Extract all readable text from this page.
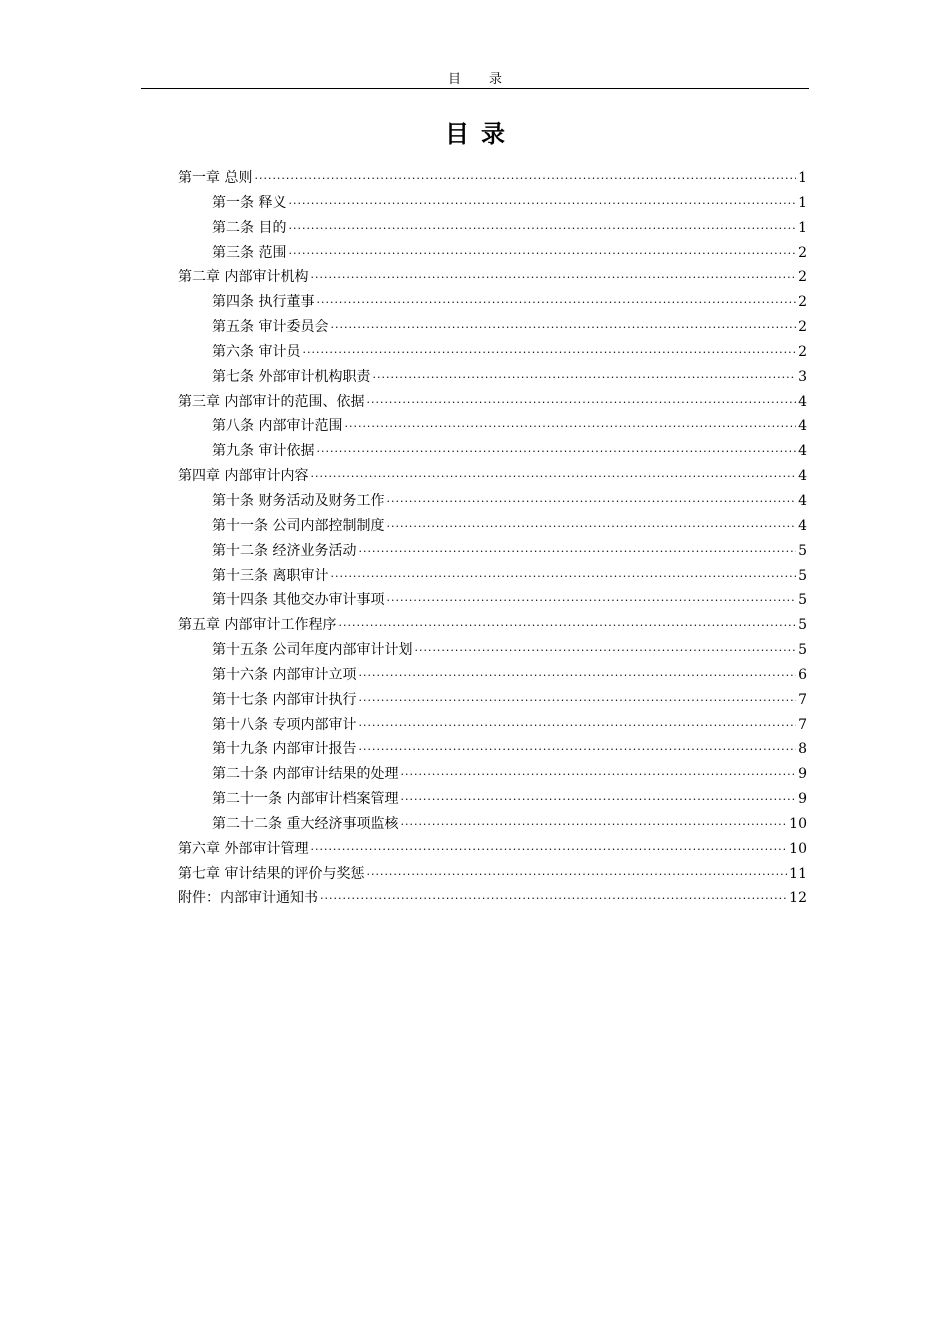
目录
目录
第一章 总则 ·····	1
第一条 释义 ·····	1
第二条 目的 ·····	1
第三条 范围 ·····	2
第二章 内部审计机构 ·····	2
第四条 执行董事 ·····	2
第五条 审计委员会 ·····	2
第六条 审计员 ·····	2
第七条 外部审计机构职责 ·····	3
第三章 内部审计的范围、依据 ·····	4
第八条 内部审计范围 ·····	4
第九条 审计依据 ·····	4
第四章 内部审计内容 ·····	4
第十条 财务活动及财务工作 ·····	4
第十一条 公司内部控制制度 ·····	4
第十二条 经济业务活动 ·····	5
第十三条 离职审计 ·····	5
第十四条 其他交办审计事项 ·····	5
第五章 内部审计工作程序 ·····	5
第十五条 公司年度内部审计计划 ·····	5
第十六条 内部审计立项 ·····	6
第十七条 内部审计执行 ·····	7
第十八条 专项内部审计 ·····	7
第十九条 内部审计报告 ·····	8
第二十条 内部审计结果的处理 ·····	9
第二十一条 内部审计档案管理 ·····	9
第二十二条 重大经济事项监核 ·····	10
第六章 外部审计管理 ·····	10
第七章 审计结果的评价与奖惩 ·····	11
附件：内部审计通知书 ·····	12
